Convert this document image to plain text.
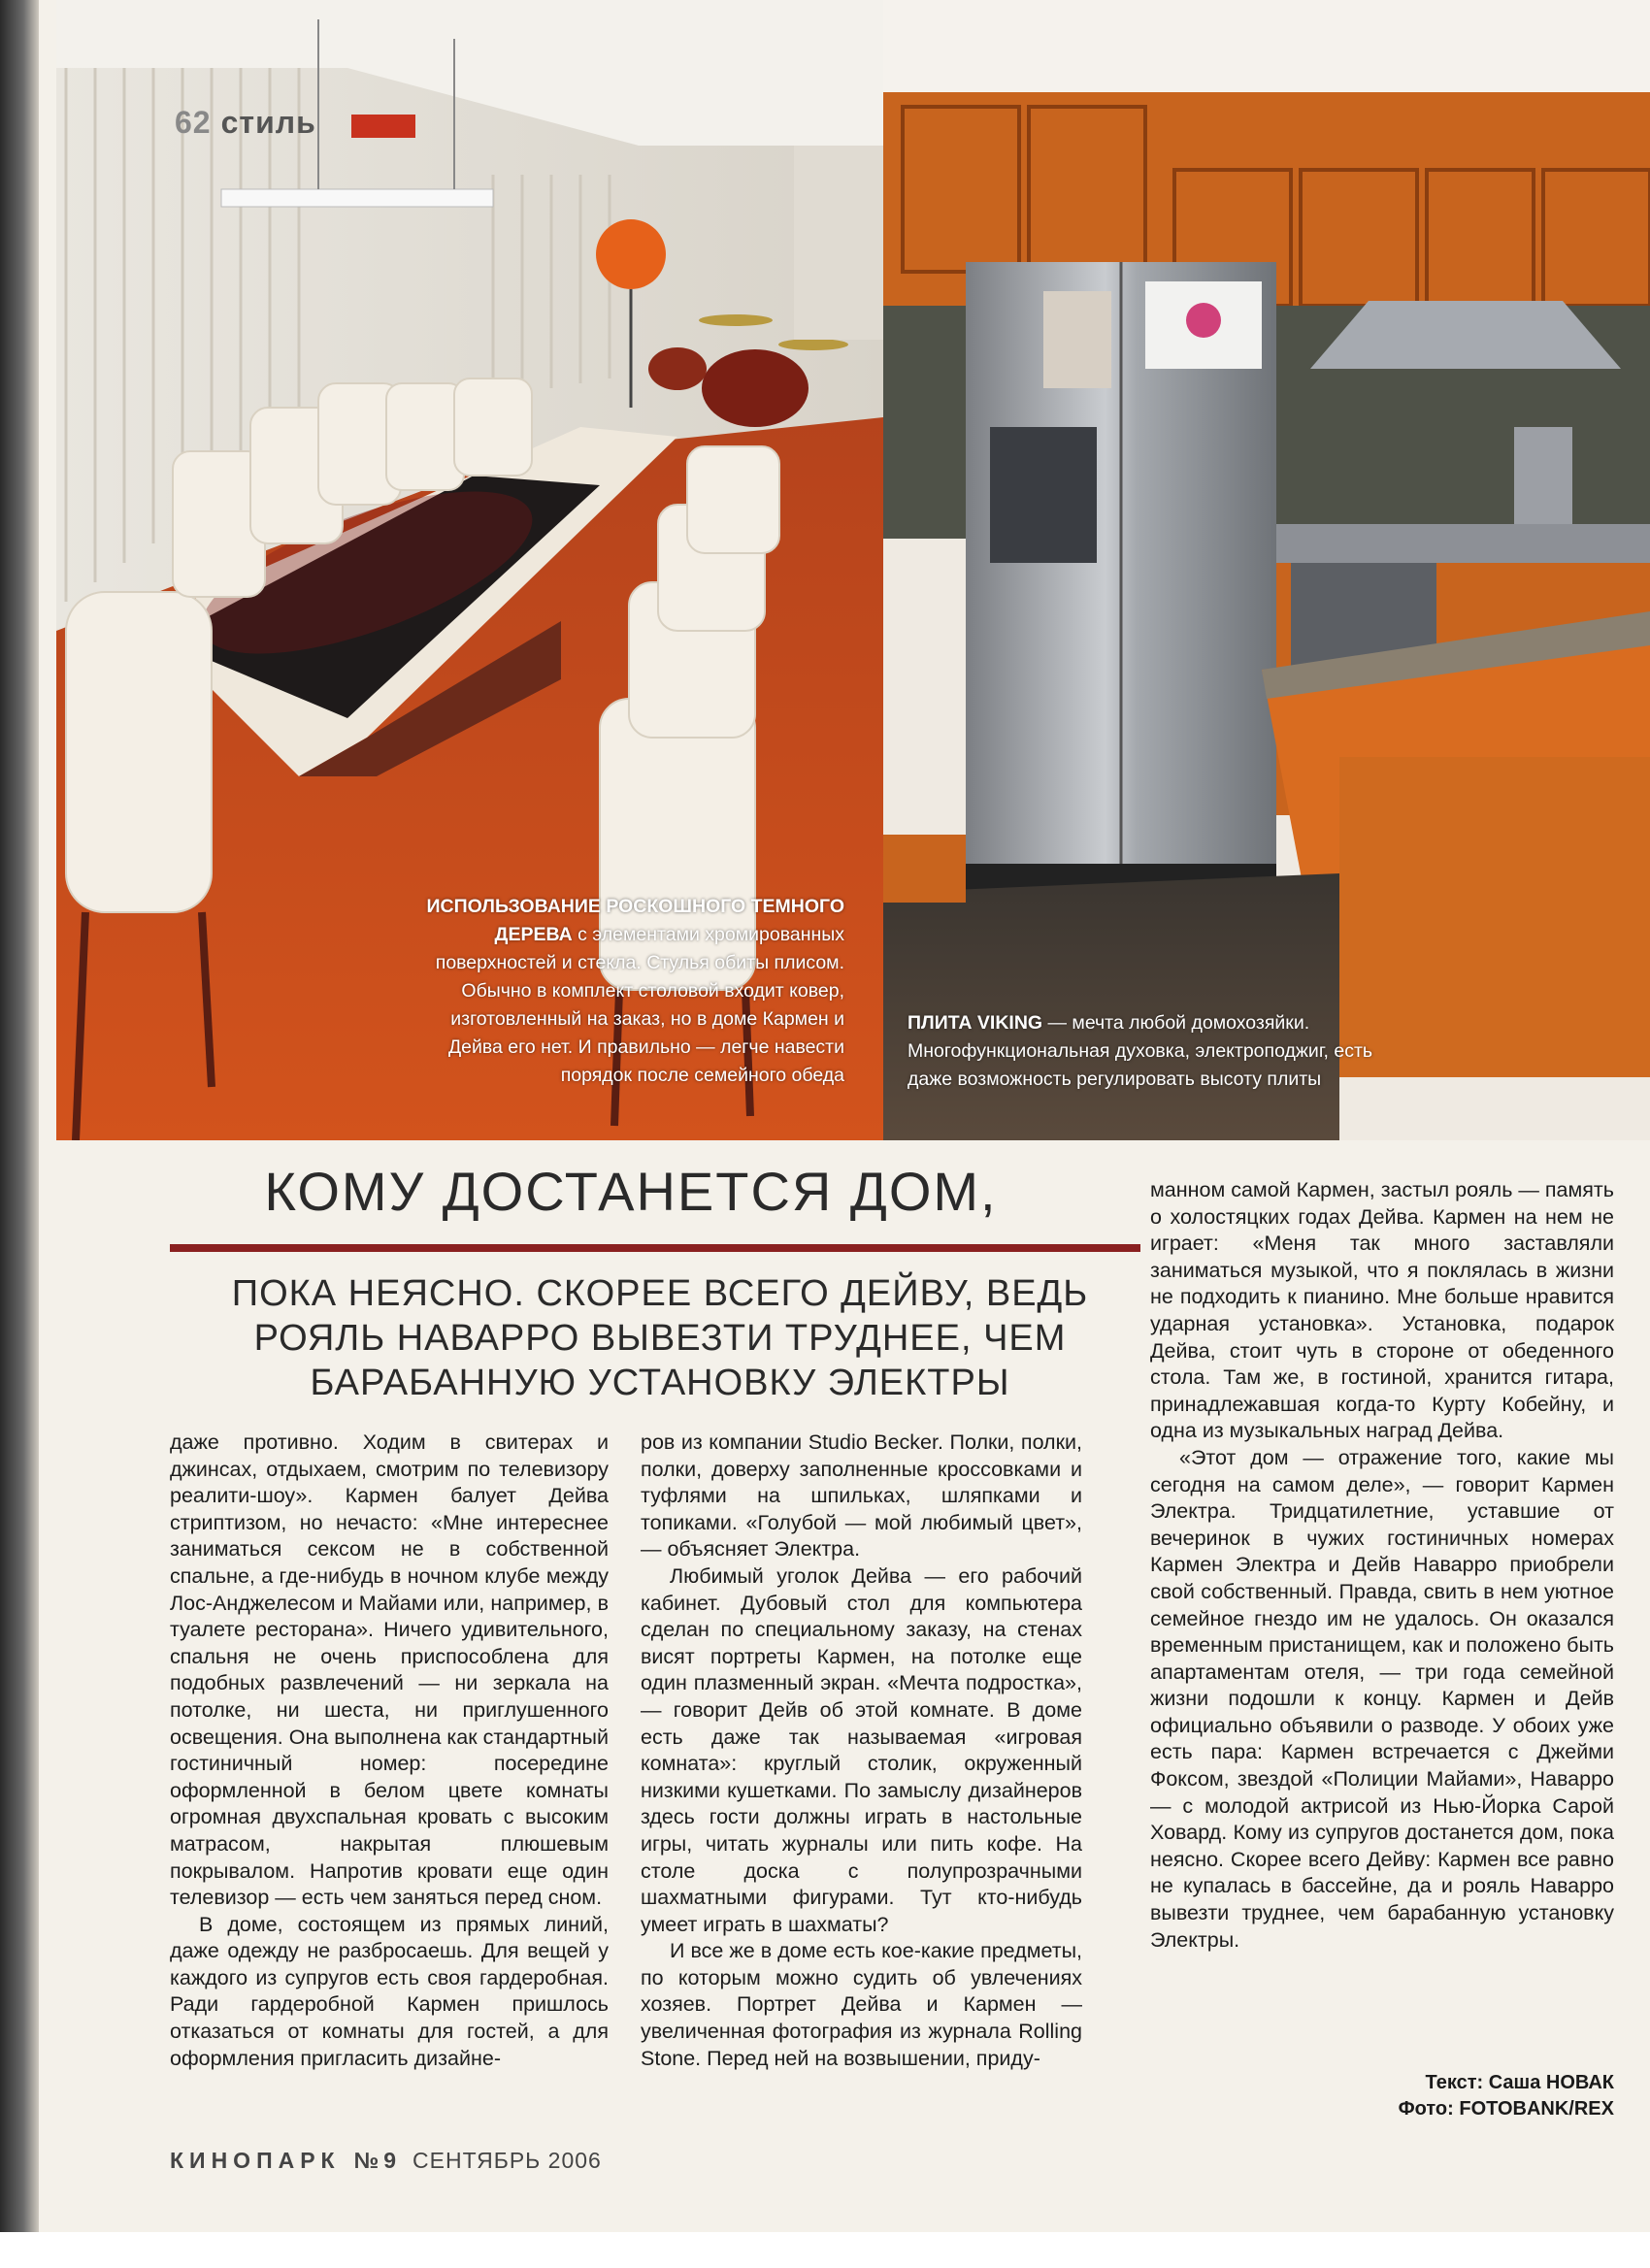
62 стиль
ИСПОЛЬЗОВАНИЕ РОСКОШНОГО ТЕМНОГО ДЕРЕВА с элементами хромированных поверхностей и стекла. Стулья обиты плисом. Обычно в комплект столовой входит ковер, изготовленный на заказ, но в доме Кармен и Дейва его нет. И правильно — легче навести порядок после семейного обеда
ПЛИТА VIKING — мечта любой домохозяйки. Многофункциональная духовка, электроподжиг, есть даже возможность регулировать высоту плиты
КОМУ ДОСТАНЕТСЯ ДОМ,
ПОКА НЕЯСНО. СКОРЕЕ ВСЕГО ДЕЙВУ, ВЕДЬ РОЯЛЬ НАВАРРО ВЫВЕЗТИ ТРУДНЕЕ, ЧЕМ БАРАБАННУЮ УСТАНОВКУ ЭЛЕКТРЫ

даже противно. Ходим в свитерах и джинсах, отдыхаем, смотрим по телевизору реалити-шоу». Кармен балует Дейва стриптизом, но нечасто: «Мне интереснее заниматься сексом не в собственной спальне, а где-нибудь в ночном клубе между Лос-Анджелесом и Майами или, например, в туалете ресторана». Ничего удивительного, спальня не очень приспособлена для подобных развлечений — ни зеркала на потолке, ни шеста, ни приглушенного освещения. Она выполнена как стандартный гостиничный номер: посередине оформленной в белом цвете комнаты огромная двухспальная кровать с высоким матрасом, накрытая плюшевым покрывалом. Напротив кровати еще один телевизор — есть чем заняться перед сном.

В доме, состоящем из прямых линий, даже одежду не разбросаешь. Для вещей у каждого из супругов есть своя гардеробная. Ради гардеробной Кармен пришлось отказаться от комнаты для гостей, а для оформления пригласить дизайне-

ров из компании Studio Becker. Полки, полки, полки, доверху заполненные кроссовками и туфлями на шпильках, шляпками и топиками. «Голубой — мой любимый цвет», — объясняет Электра.

Любимый уголок Дейва — его рабочий кабинет. Дубовый стол для компьютера сделан по специальному заказу, на стенах висят портреты Кармен, на потолке еще один плазменный экран. «Мечта подростка», — говорит Дейв об этой комнате. В доме есть даже так называемая «игровая комната»: круглый столик, окруженный низкими кушетками. По замыслу дизайнеров здесь гости должны играть в настольные игры, читать журналы или пить кофе. На столе доска с полупрозрачными шахматными фигурами. Тут кто-нибудь умеет играть в шахматы?

И все же в доме есть кое-какие предметы, по которым можно судить об увлечениях хозяев. Портрет Дейва и Кармен — увеличенная фотография из журнала Rolling Stone. Перед ней на возвышении, приду-

манном самой Кармен, застыл рояль — память о холостяцких годах Дейва. Кармен на нем не играет: «Меня так много заставляли заниматься музыкой, что я поклялась в жизни не подходить к пианино. Мне больше нравится ударная установка». Установка, подарок Дейва, стоит чуть в стороне от обеденного стола. Там же, в гостиной, хранится гитара, принадлежавшая когда-то Курту Кобейну, и одна из музыкальных наград Дейва.

«Этот дом — отражение того, какие мы сегодня на самом деле», — говорит Кармен Электра. Тридцатилетние, уставшие от вечеринок в чужих гостиничных номерах Кармен Электра и Дейв Наварро приобрели свой собственный. Правда, свить в нем уютное семейное гнездо им не удалось. Он оказался временным пристанищем, как и положено быть апартаментам отеля, — три года семейной жизни подошли к концу. Кармен и Дейв официально объявили о разводе. У обоих уже есть пара: Кармен встречается с Джейми Фоксом, звездой «Полиции Майами», Наварро — с молодой актрисой из Нью-Йорка Сарой Ховард. Кому из супругов достанется дом, пока неясно. Скорее всего Дейву: Кармен все равно не купалась в бассейне, да и рояль Наварро вывезти труднее, чем барабанную установку Электры.

Текст: Саша НОВАК
Фото: FOTOBANK/REX
КИНОПАРК №9 СЕНТЯБРЬ 2006
